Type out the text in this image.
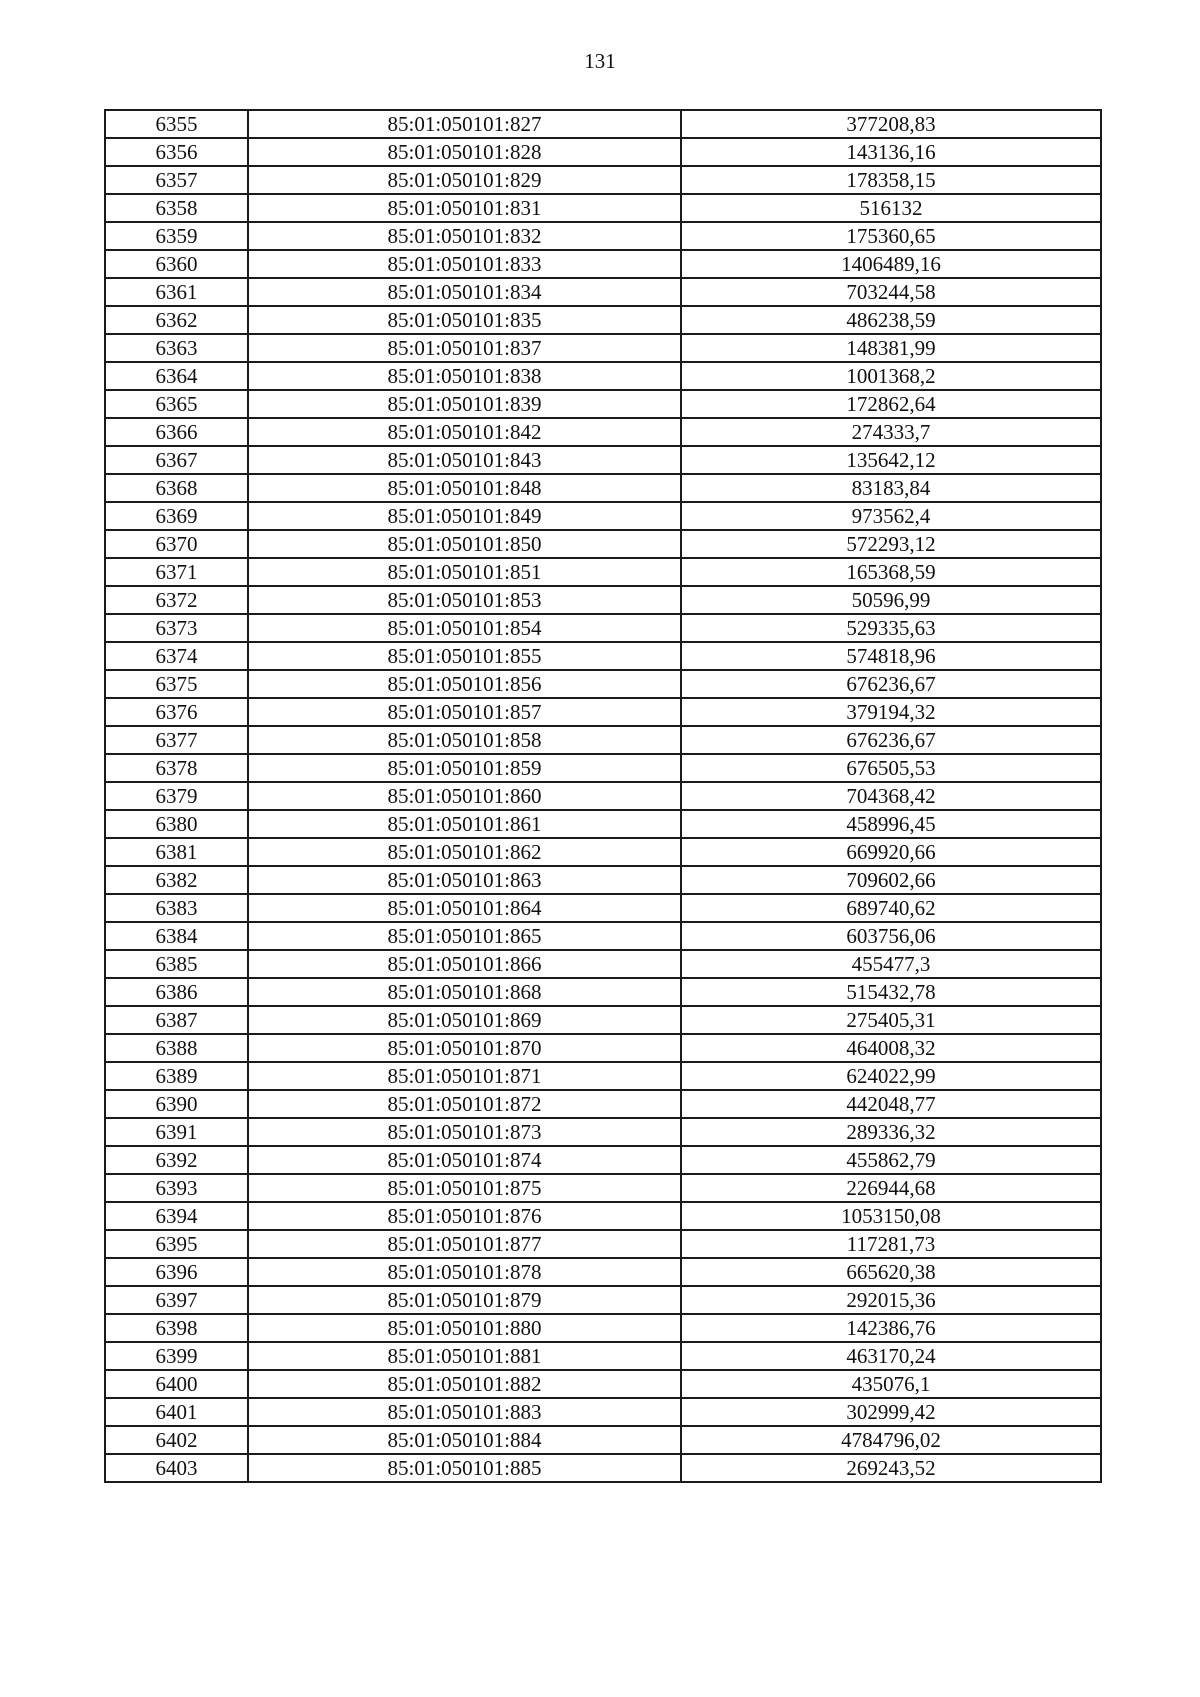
131
6355	85:01:050101:827	377208,83
6356	85:01:050101:828	143136,16
6357	85:01:050101:829	178358,15
6358	85:01:050101:831	516132
6359	85:01:050101:832	175360,65
6360	85:01:050101:833	1406489,16
6361	85:01:050101:834	703244,58
6362	85:01:050101:835	486238,59
6363	85:01:050101:837	148381,99
6364	85:01:050101:838	1001368,2
6365	85:01:050101:839	172862,64
6366	85:01:050101:842	274333,7
6367	85:01:050101:843	135642,12
6368	85:01:050101:848	83183,84
6369	85:01:050101:849	973562,4
6370	85:01:050101:850	572293,12
6371	85:01:050101:851	165368,59
6372	85:01:050101:853	50596,99
6373	85:01:050101:854	529335,63
6374	85:01:050101:855	574818,96
6375	85:01:050101:856	676236,67
6376	85:01:050101:857	379194,32
6377	85:01:050101:858	676236,67
6378	85:01:050101:859	676505,53
6379	85:01:050101:860	704368,42
6380	85:01:050101:861	458996,45
6381	85:01:050101:862	669920,66
6382	85:01:050101:863	709602,66
6383	85:01:050101:864	689740,62
6384	85:01:050101:865	603756,06
6385	85:01:050101:866	455477,3
6386	85:01:050101:868	515432,78
6387	85:01:050101:869	275405,31
6388	85:01:050101:870	464008,32
6389	85:01:050101:871	624022,99
6390	85:01:050101:872	442048,77
6391	85:01:050101:873	289336,32
6392	85:01:050101:874	455862,79
6393	85:01:050101:875	226944,68
6394	85:01:050101:876	1053150,08
6395	85:01:050101:877	117281,73
6396	85:01:050101:878	665620,38
6397	85:01:050101:879	292015,36
6398	85:01:050101:880	142386,76
6399	85:01:050101:881	463170,24
6400	85:01:050101:882	435076,1
6401	85:01:050101:883	302999,42
6402	85:01:050101:884	4784796,02
6403	85:01:050101:885	269243,52
